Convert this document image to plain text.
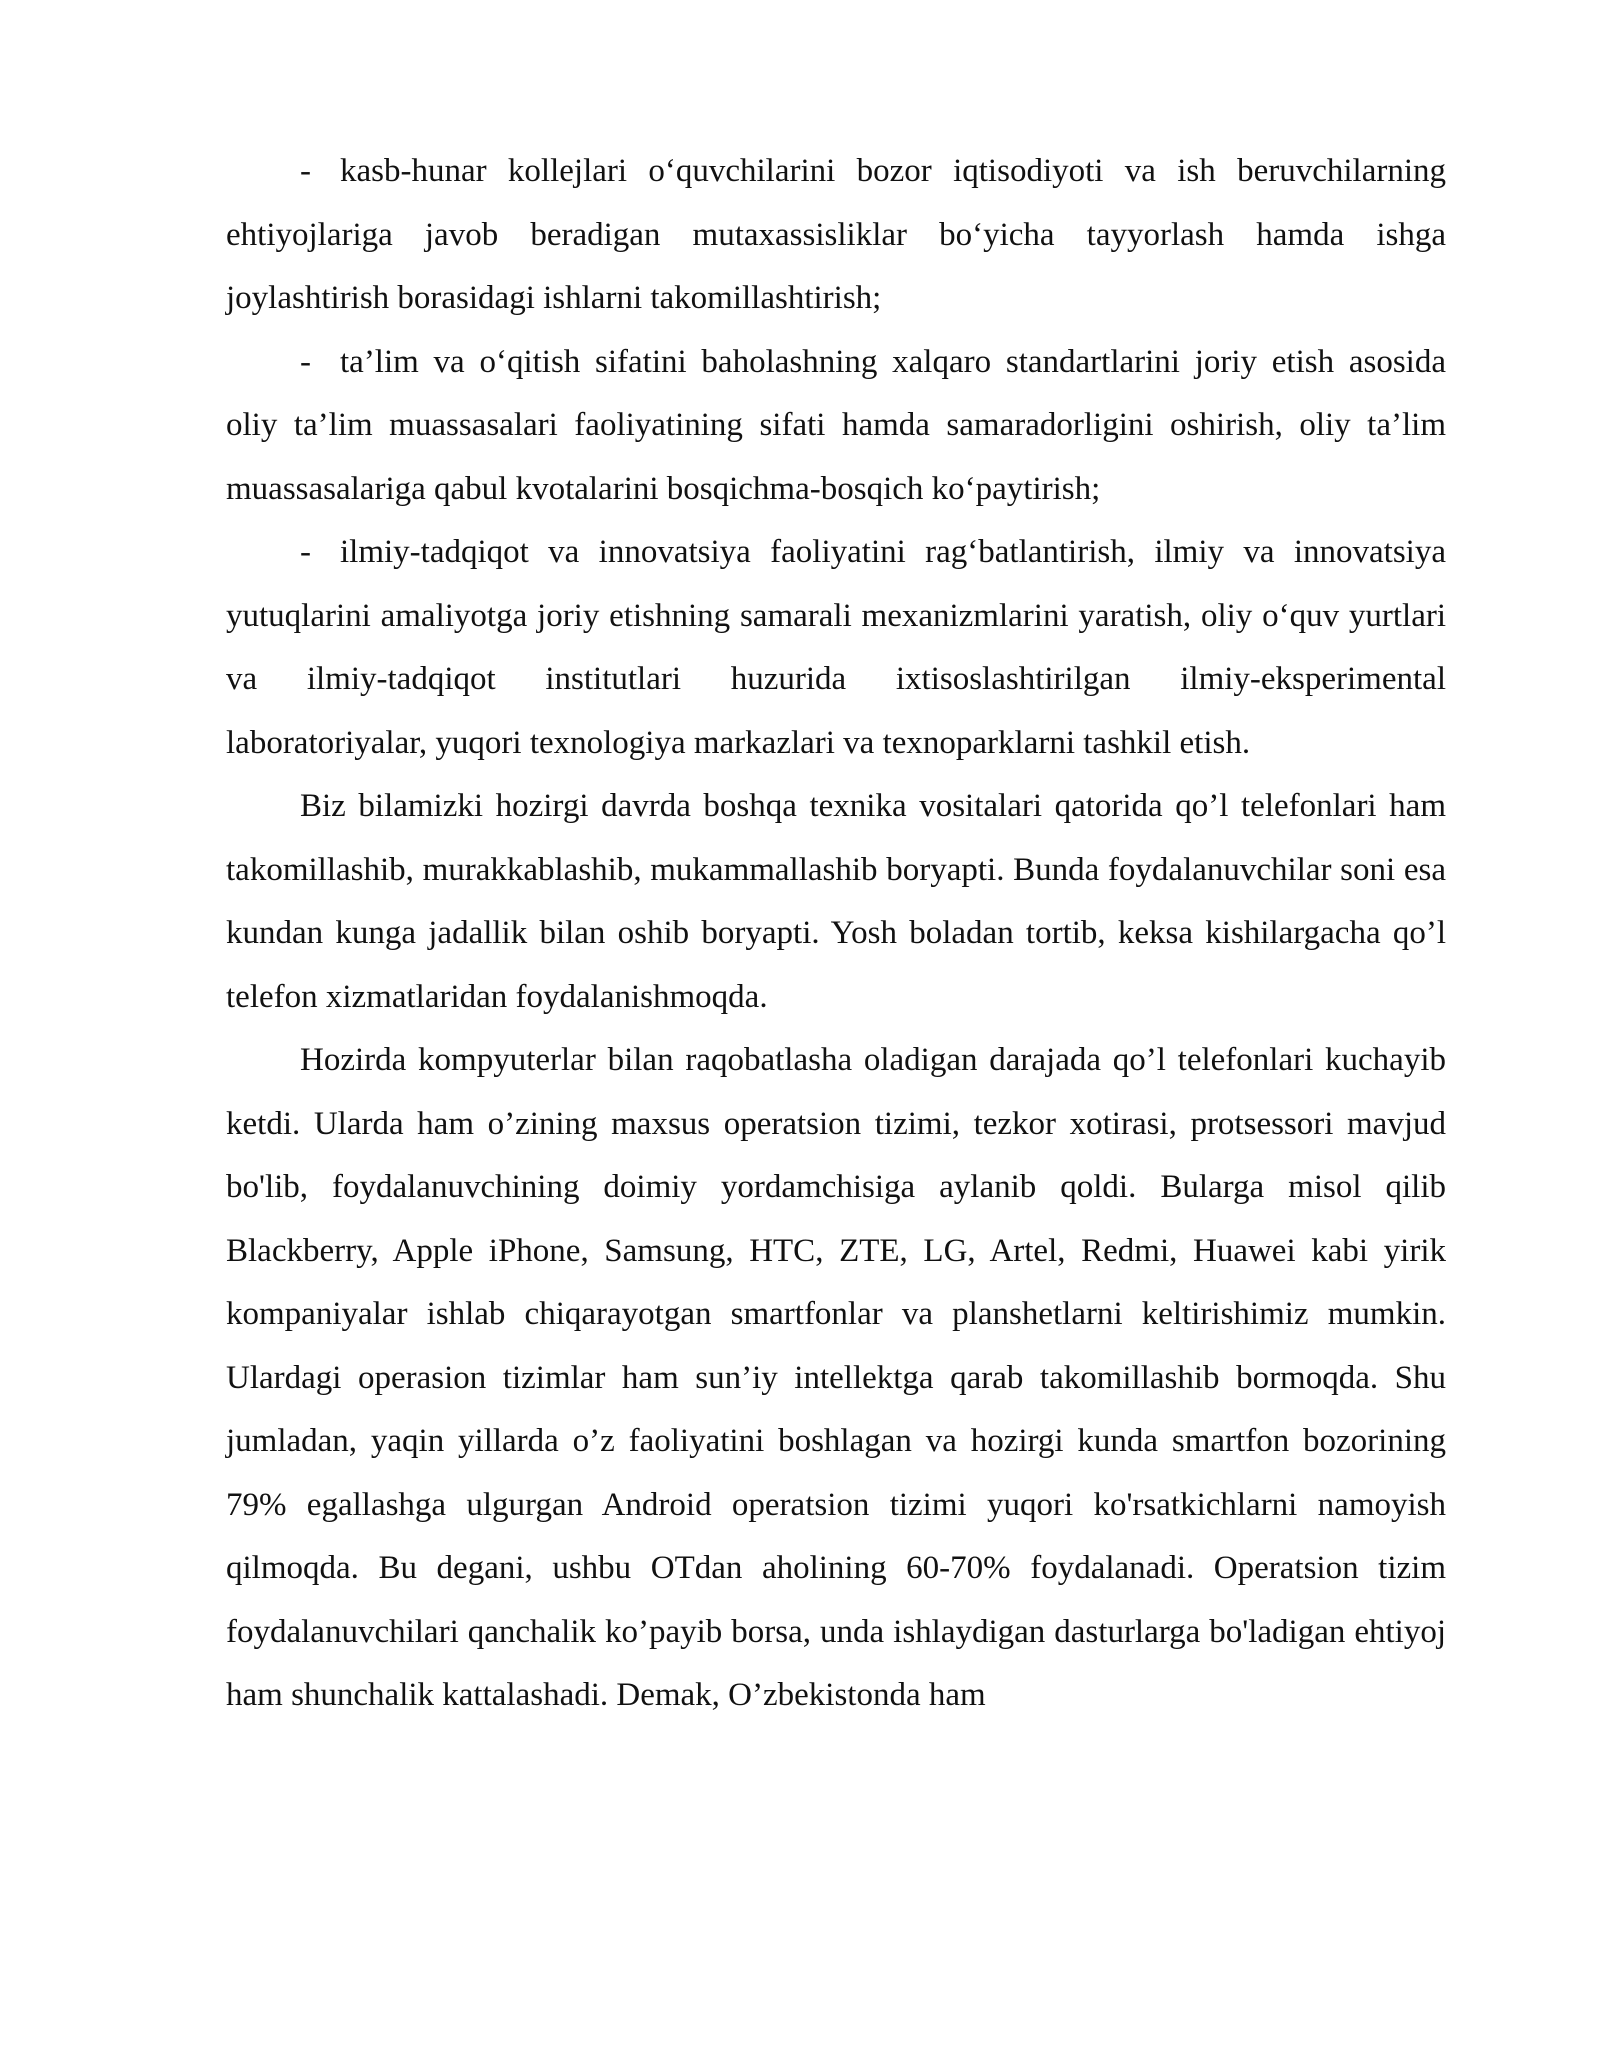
- kasb-hunar kollejlari o‘quvchilarini bozor iqtisodiyoti va ish beruvchilarning ehtiyojlariga javob beradigan mutaxassisliklar bo‘yicha tayyorlash hamda ishga joylashtirish borasidagi ishlarni takomillashtirish;

- ta’lim va o‘qitish sifatini baholashning xalqaro standartlarini joriy etish asosida oliy ta’lim muassasalari faoliyatining sifati hamda samaradorligini oshirish, oliy ta’lim muassasalariga qabul kvotalarini bosqichma-bosqich ko‘paytirish;

- ilmiy-tadqiqot va innovatsiya faoliyatini rag‘batlantirish, ilmiy va innovatsiya yutuqlarini amaliyotga joriy etishning samarali mexanizmlarini yaratish, oliy o‘quv yurtlari va ilmiy-tadqiqot institutlari huzurida ixtisoslashtirilgan ilmiy-eksperimental laboratoriyalar, yuqori texnologiya markazlari va texnoparklarni tashkil etish.

Biz bilamizki hozirgi davrda boshqa texnika vositalari qatorida qo’l telefonlari ham takomillashib, murakkablashib, mukammallashib boryapti. Bunda foydalanuvchilar soni esa kundan kunga jadallik bilan oshib boryapti. Yosh boladan tortib, keksa kishilargacha qo’l telefon xizmatlaridan foydalanishmoqda.

Hozirda kompyuterlar bilan raqobatlasha oladigan darajada qo’l telefonlari kuchayib ketdi. Ularda ham o’zining maxsus operatsion tizimi, tezkor xotirasi, protsessori mavjud bo'lib, foydalanuvchining doimiy yordamchisiga aylanib qoldi. Bularga misol qilib Blackberry, Apple iPhone, Samsung, HTC, ZTE, LG, Artel, Redmi, Huawei kabi yirik kompaniyalar ishlab chiqarayotgan smartfonlar va planshetlarni keltirishimiz mumkin. Ulardagi operasion tizimlar ham sun’iy intellektga qarab takomillashib bormoqda. Shu jumladan, yaqin yillarda o’z faoliyatini boshlagan va hozirgi kunda smartfon bozorining 79% egallashga ulgurgan Android operatsion tizimi yuqori ko'rsatkichlarni namoyish qilmoqda. Bu degani, ushbu OTdan aholining 60-70% foydalanadi. Operatsion tizim foydalanuvchilari qanchalik ko’payib borsa, unda ishlaydigan dasturlarga bo'ladigan ehtiyoj ham shunchalik kattalashadi. Demak, O’zbekistonda ham
